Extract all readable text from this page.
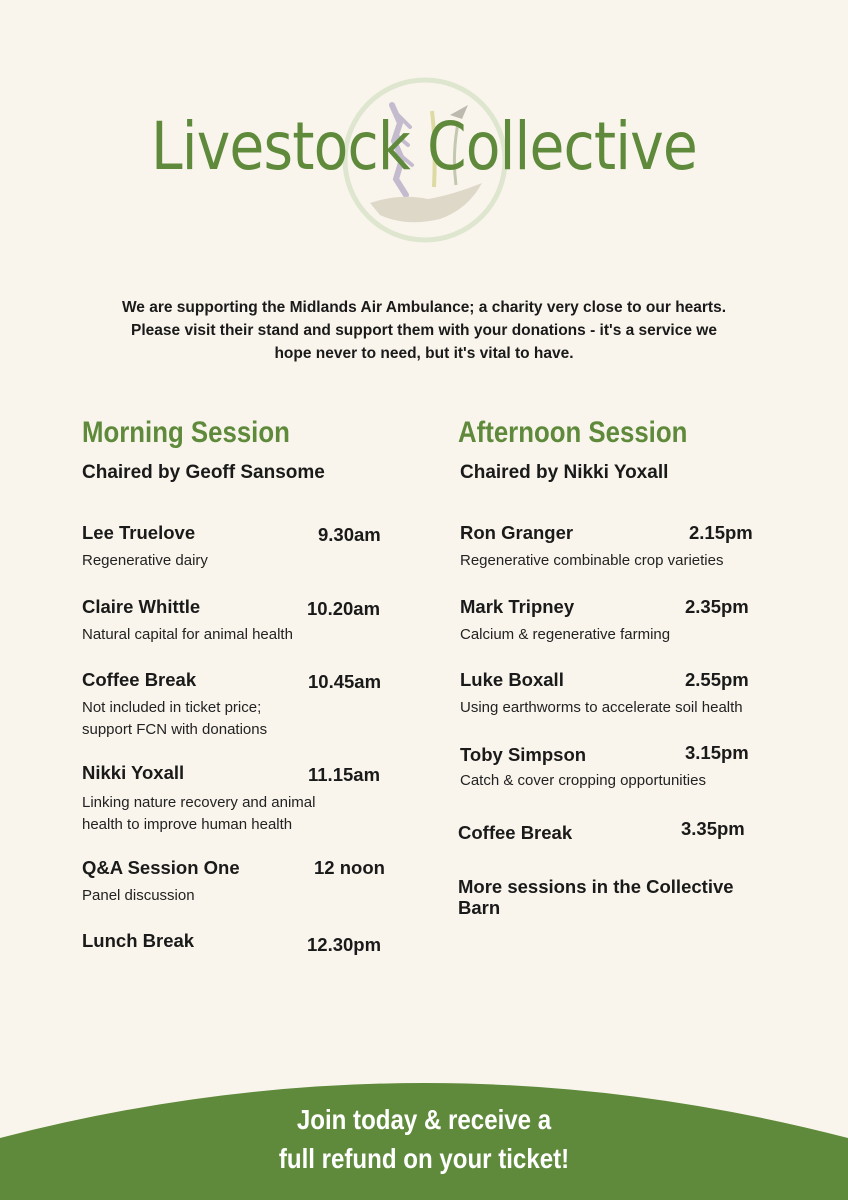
Livestock Collective

We are supporting the Midlands Air Ambulance; a charity very close to our hearts. Please visit their stand and support them with your donations - it's a service we hope never to need, but it's vital to have.

Morning Session

Chaired by Geoff Sansome

Lee Truelove	9.30am
Regenerative dairy
Claire Whittle	10.20am
Natural capital for animal health
Coffee Break	10.45am
Not included in ticket price; support FCN with donations
Nikki Yoxall	11.15am
Linking nature recovery and animal health to improve human health
Q&A Session One	12 noon
Panel discussion
Lunch Break	12.30pm
Afternoon Session

Chaired by Nikki Yoxall

Ron Granger	2.15pm
Regenerative combinable crop varieties
Mark Tripney	2.35pm
Calcium & regenerative farming
Luke Boxall	2.55pm
Using earthworms to accelerate soil health
Toby Simpson	3.15pm
Catch & cover cropping opportunities
Coffee Break	3.35pm

More sessions in the Collective Barn

Join today & receive a
full refund on your ticket!
